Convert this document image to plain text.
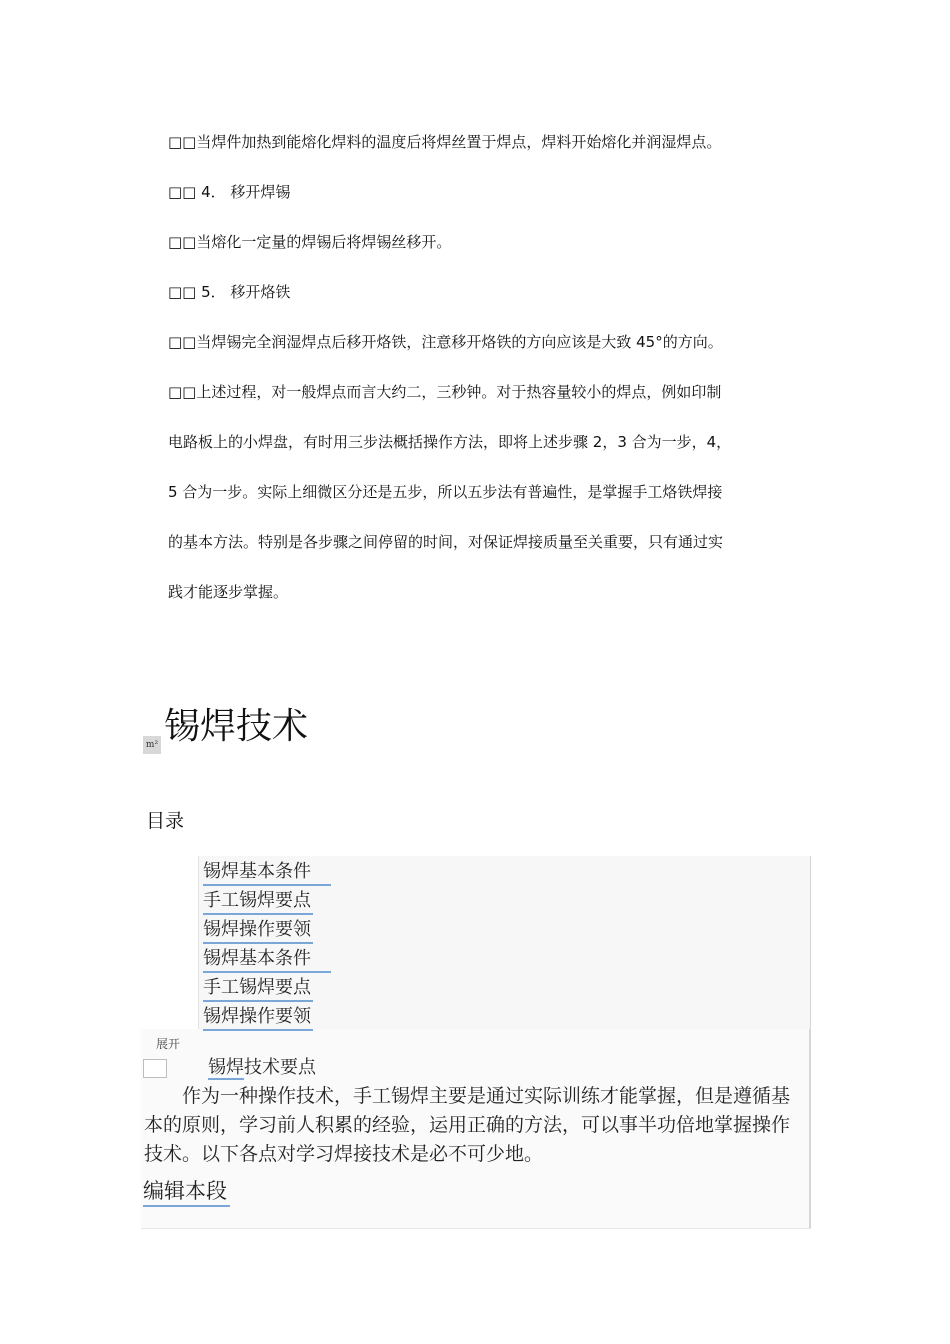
□□当焊件加热到能熔化焊料的温度后将焊丝置于焊点，焊料开始熔化并润湿焊点。
□□ 4． 移开焊锡
□□当熔化一定量的焊锡后将焊锡丝移开。
□□ 5． 移开烙铁
□□当焊锡完全润湿焊点后移开烙铁，注意移开烙铁的方向应该是大致 45°的方向。
□□上述过程，对一般焊点而言大约二，三秒钟。对于热容量较小的焊点，例如印制
电路板上的小焊盘，有时用三步法概括操作方法，即将上述步骤 2，3 合为一步，4，
5 合为一步。实际上细微区分还是五步，所以五步法有普遍性，是掌握手工烙铁焊接
的基本方法。特别是各步骤之间停留的时间，对保证焊接质量至关重要，只有通过实
践才能逐步掌握。
m² 锡焊技术
目录
锡焊基本条件
手工锡焊要点
锡焊操作要领
锡焊基本条件
手工锡焊要点
锡焊操作要领
展开
锡焊技术要点
　　作为一种操作技术，手工锡焊主要是通过实际训练才能掌握，但是遵循基本的原则，学习前人积累的经验，运用正确的方法，可以事半功倍地掌握操作技术。以下各点对学习焊接技术是必不可少地。
编辑本段
